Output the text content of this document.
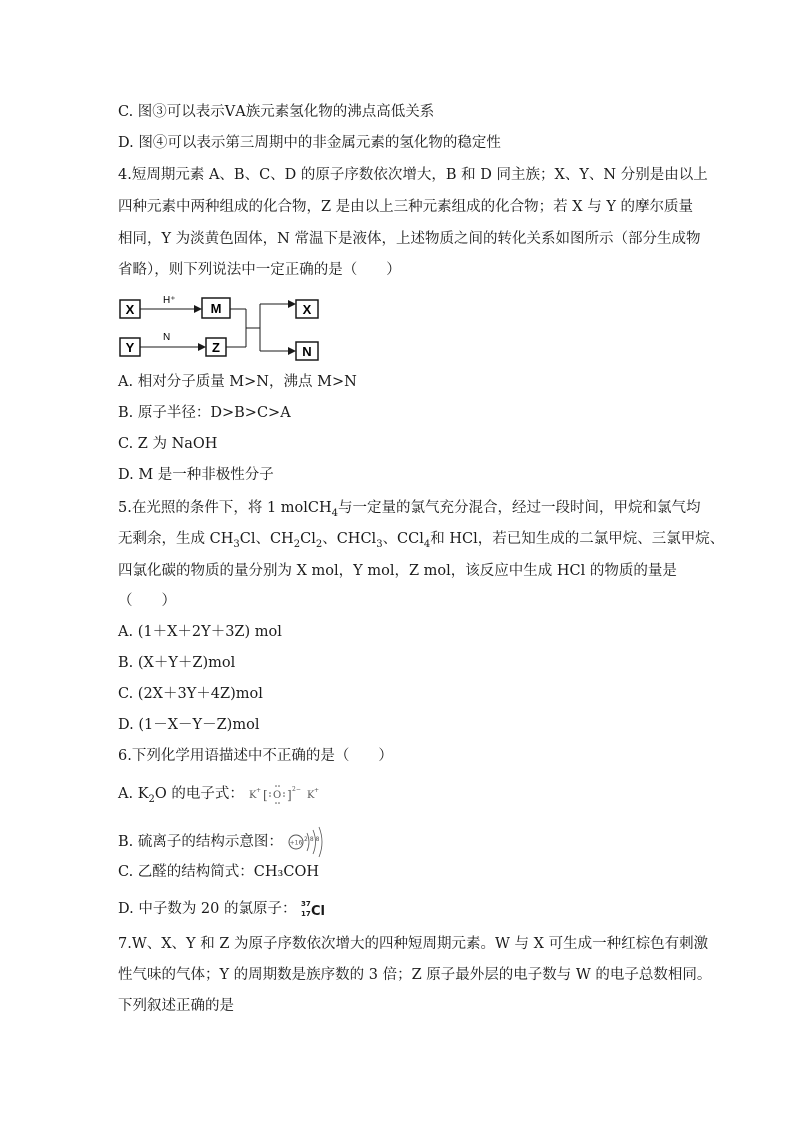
C. 图③可以表示ⅤA族元素氢化物的沸点高低关系
D. 图④可以表示第三周期中的非金属元素的氢化物的稳定性
4.短周期元素 A、B、C、D 的原子序数依次增大，B 和 D 同主族；X、Y、N 分别是由以上
四种元素中两种组成的化合物，Z 是由以上三种元素组成的化合物；若 X 与 Y 的摩尔质量
相同，Y 为淡黄色固体，N 常温下是液体，上述物质之间的转化关系如图所示（部分生成物
省略），则下列说法中一定正确的是（　　）
X
Y
M
Z
X
N
H⁺
N
A. 相对分子质量 M>N，沸点 M>N
B. 原子半径：D>B>C>A
C. Z 为 NaOH
D. M 是一种非极性分子
5.在光照的条件下，将 1 molCH$_4$与一定量的氯气充分混合，经过一段时间，甲烷和氯气均
无剩余，生成 $CH_3Cl$、$CH_2Cl_2$、CHCl$_3$、CCl$_4$和 HCl，若已知生成的二氯甲烷、三氯甲烷、
四氯化碳的物质的量分别为 X mol，Y mol，Z mol，该反应中生成 HCl 的物质的量是
（　　）
A. (1＋X＋2Y＋3Z) mol
B. (X＋Y＋Z)mol
C. (2X＋3Y＋4Z)mol
D. (1－X－Y－Z)mol
6.下列化学用语描述中不正确的是（　　）
A. $K_2O$ 的电子式： K + [ O ] 2−
K +
B. 硫离子的结构示意图： +16 288
C. 乙醛的结构简式：CH₃COH
D. 中子数为 20 的氯原子： 37
17 Cl
7.W、X、Y 和 Z 为原子序数依次增大的四种短周期元素。W 与 X 可生成一种红棕色有刺激
性气味的气体；Y 的周期数是族序数的 3 倍；Z 原子最外层的电子数与 W 的电子总数相同。
下列叙述正确的是
